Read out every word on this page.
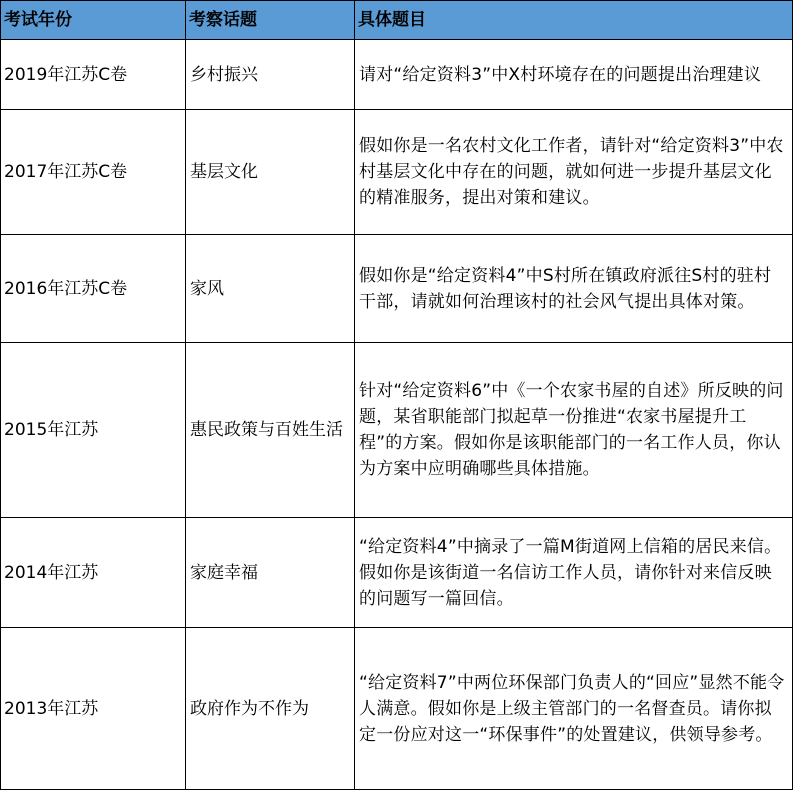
考试年份	考察话题	具体题目
2019年江苏C卷	乡村振兴	请对“给定资料3”中X村环境存在的问题提出治理建议
2017年江苏C卷	基层文化	假如你是一名农村文化工作者，请针对“给定资料3”中农村基层文化中存在的问题，就如何进一步提升基层文化的精准服务，提出对策和建议。
2016年江苏C卷	家风	假如你是“给定资料4”中S村所在镇政府派往S村的驻村干部，请就如何治理该村的社会风气提出具体对策。
2015年江苏	惠民政策与百姓生活	针对“给定资料6”中《一个农家书屋的自述》所反映的问题，某省职能部门拟起草一份推进“农家书屋提升工程”的方案。假如你是该职能部门的一名工作人员，你认为方案中应明确哪些具体措施。
2014年江苏	家庭幸福	“给定资料4”中摘录了一篇M街道网上信箱的居民来信。假如你是该街道一名信访工作人员，请你针对来信反映的问题写一篇回信。
2013年江苏	政府作为不作为	“给定资料7”中两位环保部门负责人的“回应”显然不能令人满意。假如你是上级主管部门的一名督查员。请你拟定一份应对这一“环保事件”的处置建议，供领导参考。
